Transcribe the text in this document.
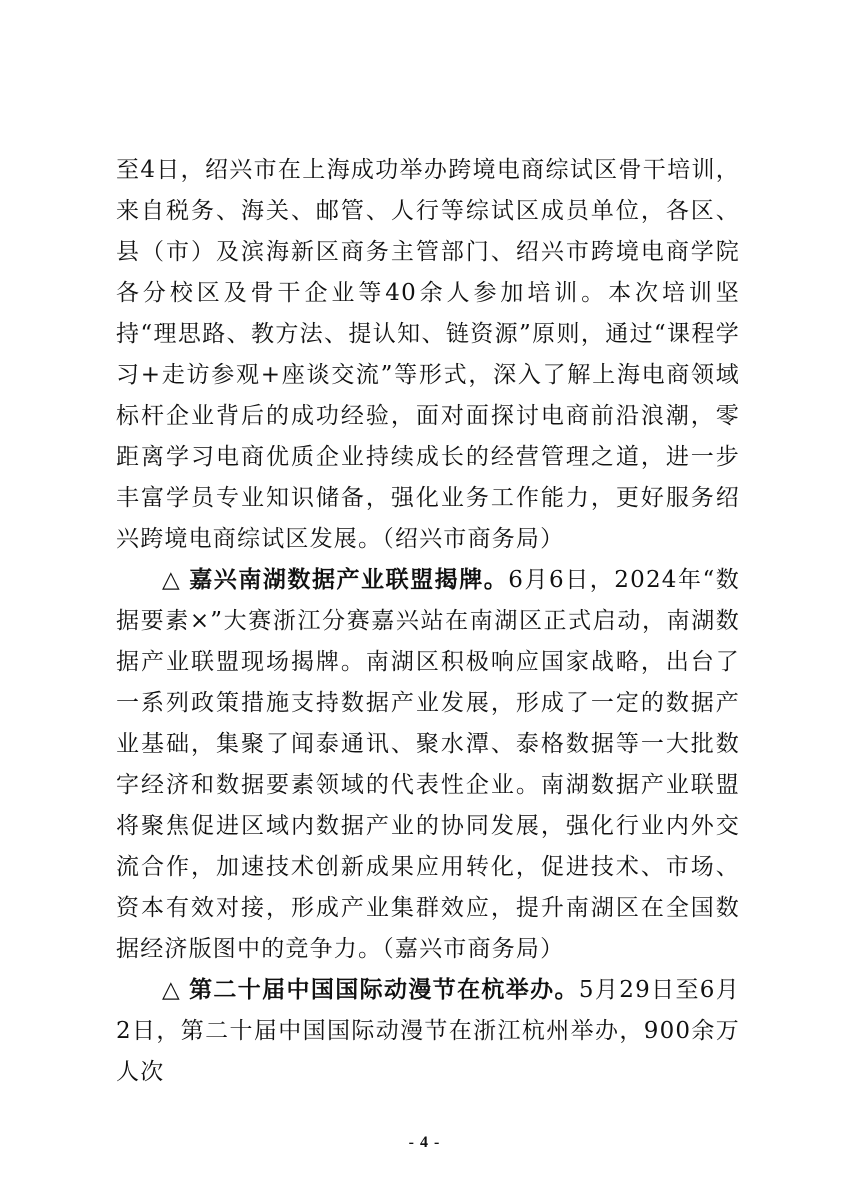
至4日，绍兴市在上海成功举办跨境电商综试区骨干培训，来自税务、海关、邮管、人行等综试区成员单位，各区、县（市）及滨海新区商务主管部门、绍兴市跨境电商学院各分校区及骨干企业等40余人参加培训。本次培训坚持“理思路、教方法、提认知、链资源”原则，通过“课程学习+走访参观+座谈交流”等形式，深入了解上海电商领域标杆企业背后的成功经验，面对面探讨电商前沿浪潮，零距离学习电商优质企业持续成长的经营管理之道，进一步丰富学员专业知识储备，强化业务工作能力，更好服务绍兴跨境电商综试区发展。（绍兴市商务局）

△ 嘉兴南湖数据产业联盟揭牌。6月6日，2024年“数据要素×”大赛浙江分赛嘉兴站在南湖区正式启动，南湖数据产业联盟现场揭牌。南湖区积极响应国家战略，出台了一系列政策措施支持数据产业发展，形成了一定的数据产业基础，集聚了闻泰通讯、聚水潭、泰格数据等一大批数字经济和数据要素领域的代表性企业。南湖数据产业联盟将聚焦促进区域内数据产业的协同发展，强化行业内外交流合作，加速技术创新成果应用转化，促进技术、市场、资本有效对接，形成产业集群效应，提升南湖区在全国数据经济版图中的竞争力。（嘉兴市商务局）

△ 第二十届中国国际动漫节在杭举办。5月29日至6月2日，第二十届中国国际动漫节在浙江杭州举办，900余万人次

- 4 -
